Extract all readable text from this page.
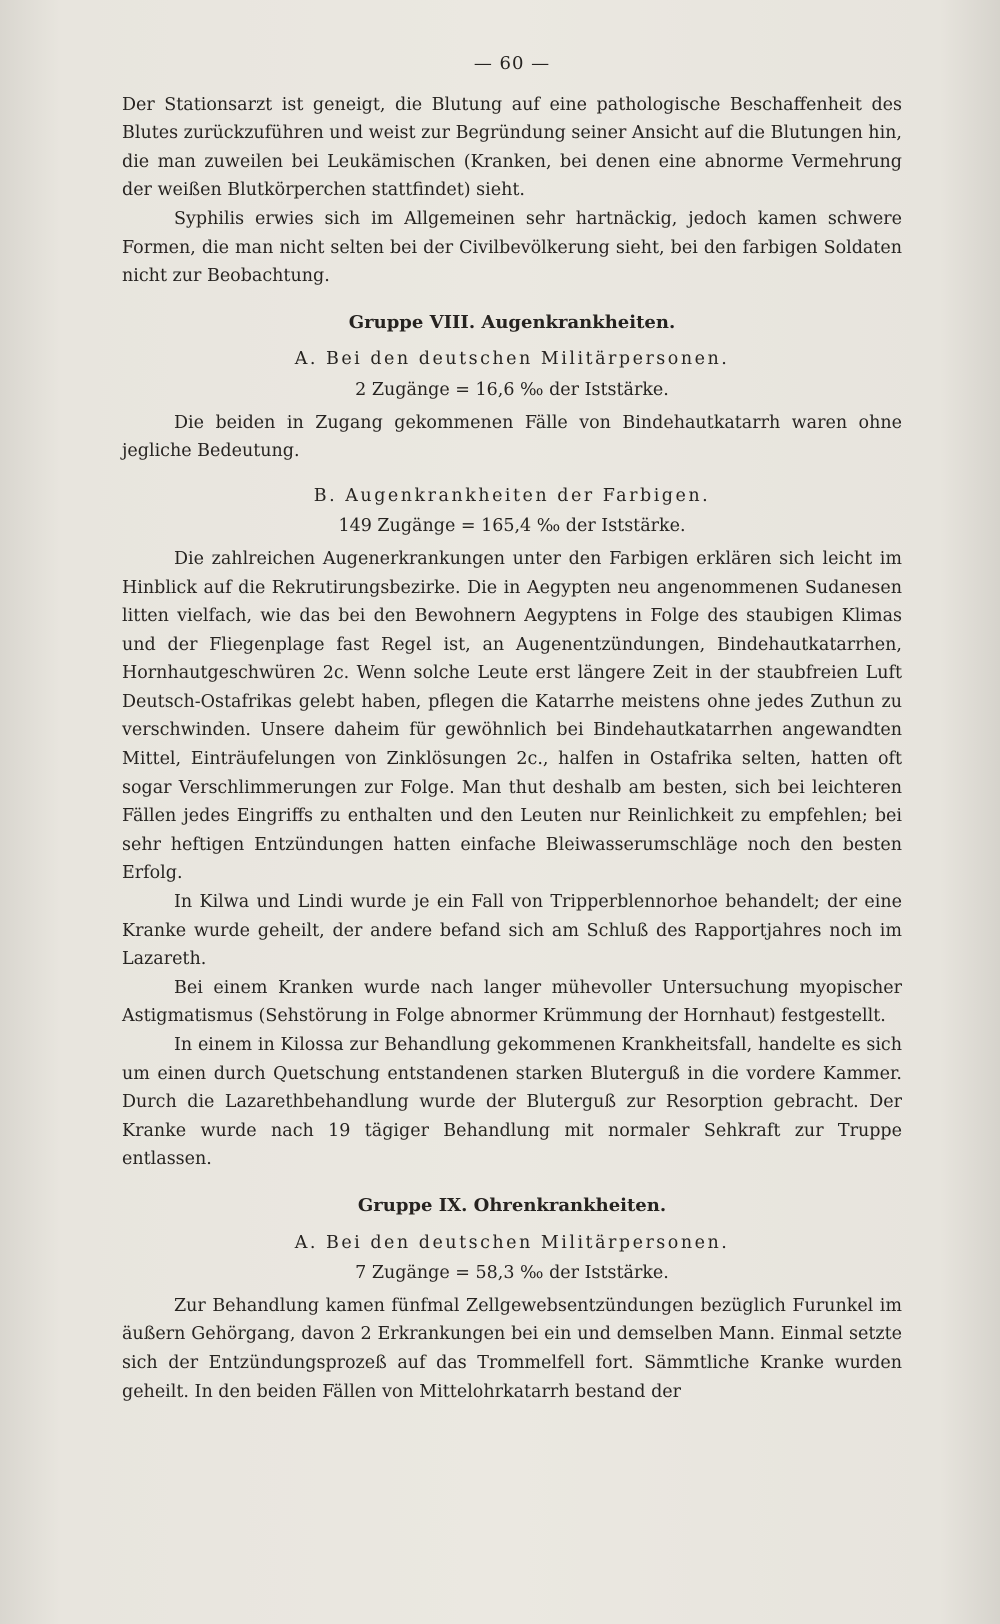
— 60 —

Der Stationsarzt ist geneigt, die Blutung auf eine pathologische Beschaffenheit des Blutes zurückzuführen und weist zur Begründung seiner Ansicht auf die Blutungen hin, die man zuweilen bei Leukämischen (Kranken, bei denen eine abnorme Vermehrung der weißen Blutkörperchen stattfindet) sieht.

Syphilis erwies sich im Allgemeinen sehr hartnäckig, jedoch kamen schwere Formen, die man nicht selten bei der Civilbevölkerung sieht, bei den farbigen Soldaten nicht zur Beobachtung.

Gruppe VIII. Augenkrankheiten.
A. Bei den deutschen Militärpersonen.
2 Zugänge = 16,6 ‰ der Iststärke.

Die beiden in Zugang gekommenen Fälle von Bindehautkatarrh waren ohne jegliche Bedeutung.

B. Augenkrankheiten der Farbigen.
149 Zugänge = 165,4 ‰ der Iststärke.

Die zahlreichen Augenerkrankungen unter den Farbigen erklären sich leicht im Hinblick auf die Rekrutirungsbezirke. Die in Aegypten neu angenommenen Sudanesen litten vielfach, wie das bei den Bewohnern Aegyptens in Folge des staubigen Klimas und der Fliegenplage fast Regel ist, an Augenentzündungen, Bindehautkatarrhen, Hornhautgeschwüren 2c. Wenn solche Leute erst längere Zeit in der staubfreien Luft Deutsch-Ostafrikas gelebt haben, pflegen die Katarrhe meistens ohne jedes Zuthun zu verschwinden. Unsere daheim für gewöhnlich bei Bindehautkatarrhen angewandten Mittel, Einträufelungen von Zinklösungen 2c., halfen in Ostafrika selten, hatten oft sogar Verschlimmerungen zur Folge. Man thut deshalb am besten, sich bei leichteren Fällen jedes Eingriffs zu enthalten und den Leuten nur Reinlichkeit zu empfehlen; bei sehr heftigen Entzündungen hatten einfache Bleiwasserumschläge noch den besten Erfolg.

In Kilwa und Lindi wurde je ein Fall von Tripperblennorhoe behandelt; der eine Kranke wurde geheilt, der andere befand sich am Schluß des Rapportjahres noch im Lazareth.

Bei einem Kranken wurde nach langer mühevoller Untersuchung myopischer Astigmatismus (Sehstörung in Folge abnormer Krümmung der Hornhaut) festgestellt.

In einem in Kilossa zur Behandlung gekommenen Krankheitsfall, handelte es sich um einen durch Quetschung entstandenen starken Bluterguß in die vordere Kammer. Durch die Lazarethbehandlung wurde der Bluterguß zur Resorption gebracht. Der Kranke wurde nach 19 tägiger Behandlung mit normaler Sehkraft zur Truppe entlassen.

Gruppe IX. Ohrenkrankheiten.
A. Bei den deutschen Militärpersonen.
7 Zugänge = 58,3 ‰ der Iststärke.

Zur Behandlung kamen fünfmal Zellgewebsentzündungen bezüglich Furunkel im äußern Gehörgang, davon 2 Erkrankungen bei ein und demselben Mann. Einmal setzte sich der Entzündungsprozeß auf das Trommelfell fort. Sämmtliche Kranke wurden geheilt. In den beiden Fällen von Mittelohrkatarrh bestand der
